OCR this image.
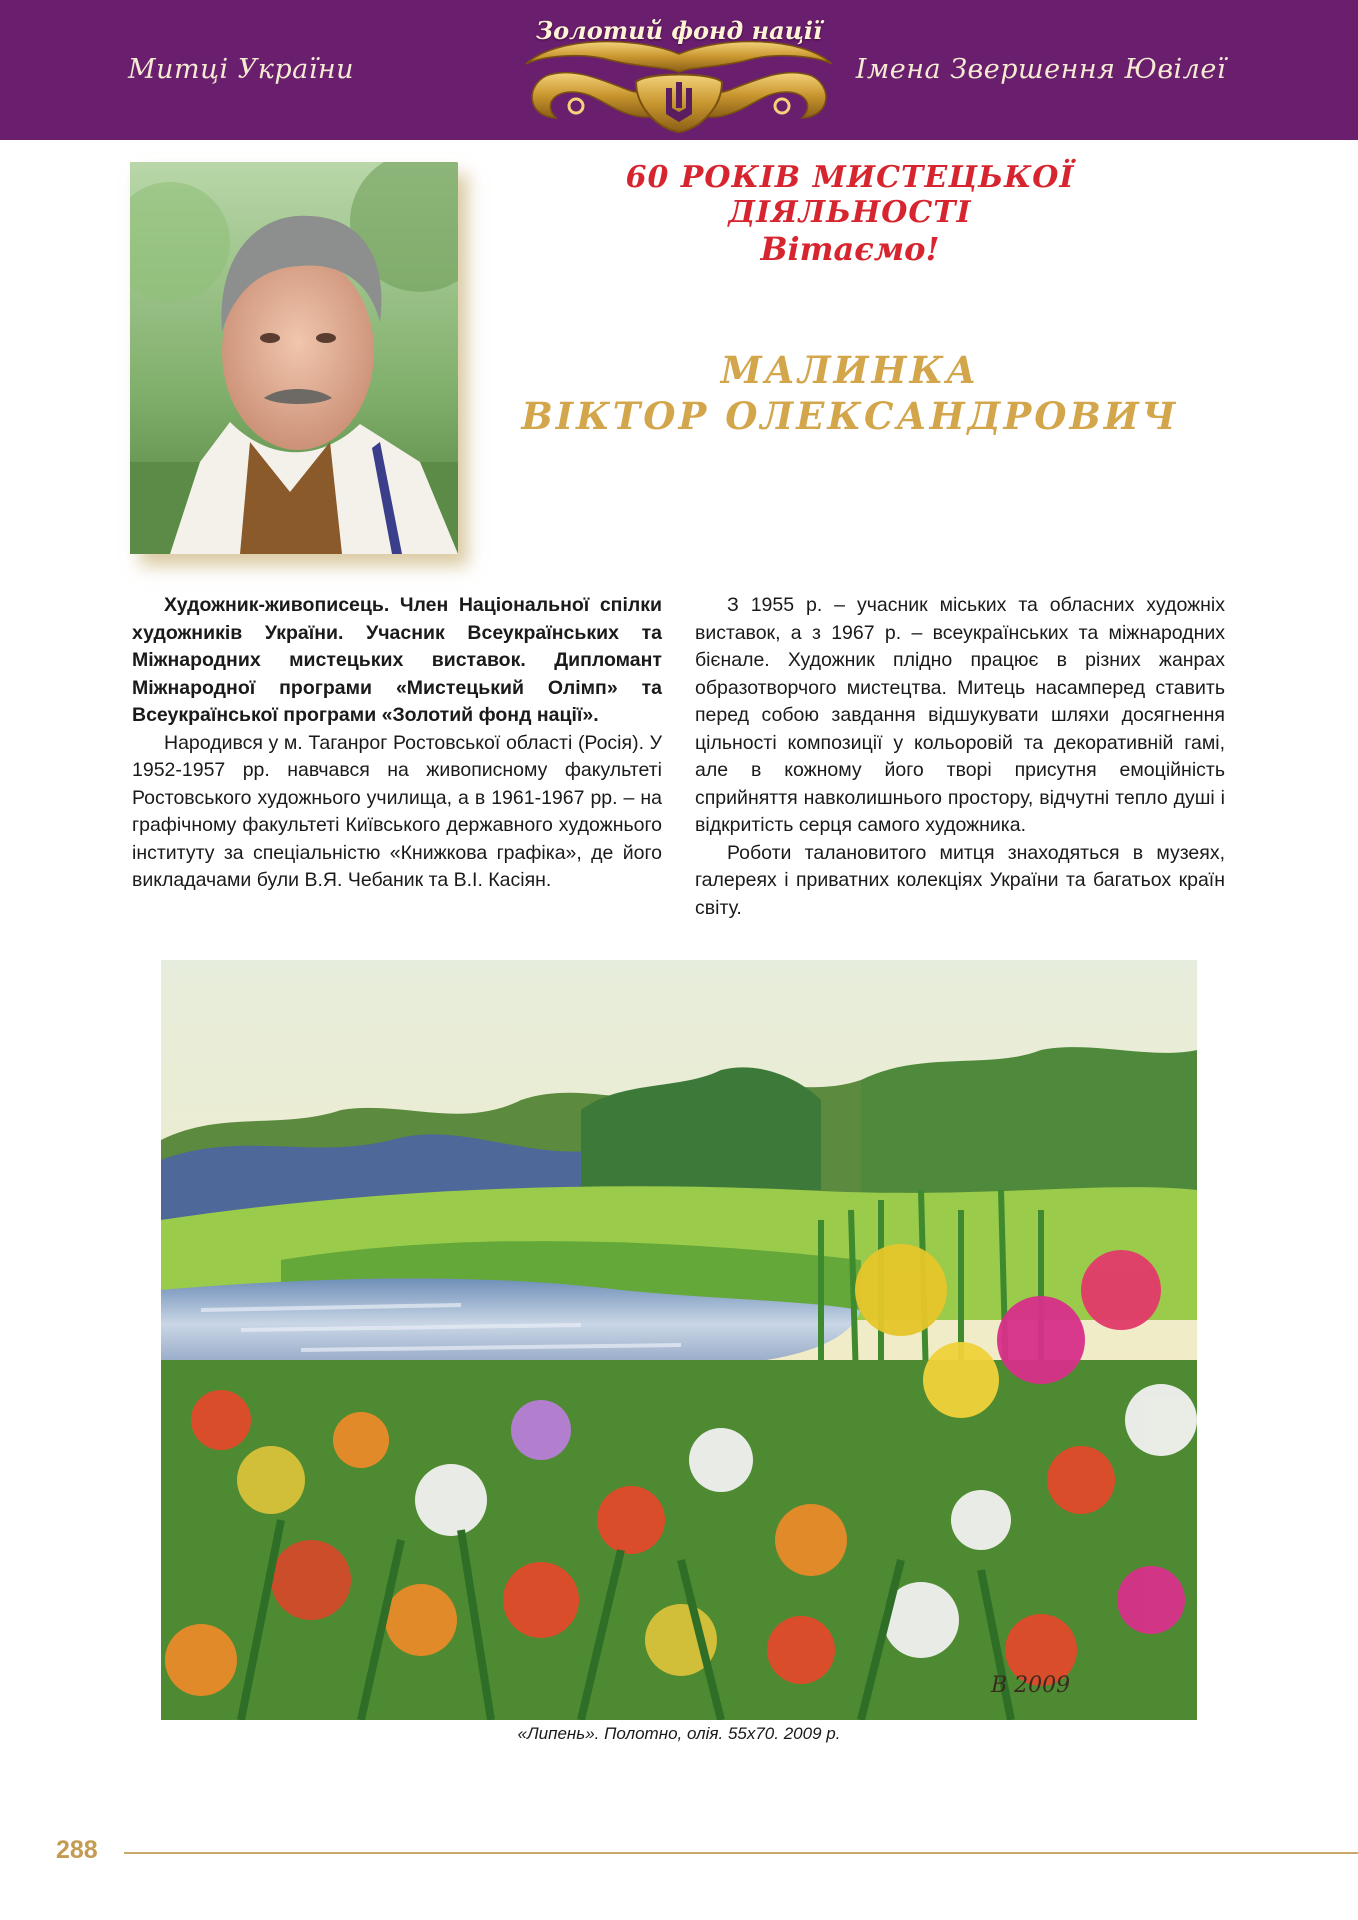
Митці України
Золотий фонд нації
Імена Звершення Ювілеї
60 РОКІВ МИСТЕЦЬКОЇ ДІЯЛЬНОСТІ
Вітаємо!
МАЛИНКА
ВІКТОР ОЛЕКСАНДРОВИЧ

Художник-живописець. Член Національної спілки художників України. Учасник Всеукраїнських та Міжнародних мистецьких виставок. Дипломант Міжнародної програми «Мистецький Олімп» та Всеукраїнської програми «Золотий фонд нації».

Народився у м. Таганрог Ростовської області (Росія). У 1952-1957 рр. навчався на живописному факультеті Ростовського художнього училища, а в 1961-1967 рр. – на графічному факультеті Київського державного художнього інституту за спеціальністю «Книжкова графіка», де його викладачами були В.Я. Чебаник та В.І. Касіян.

З 1955 р. – учасник міських та обласних художніх виставок, а з 1967 р. – всеукраїнських та міжнародних бієнале. Художник плідно працює в різних жанрах образотворчого мистецтва. Митець насамперед ставить перед собою завдання відшукувати шляхи досягнення цільності композиції у кольоровій та декоративній гамі, але в кожному його творі присутня емоційність сприйняття навколишнього простору, відчутні тепло душі і відкритість серця самого художника.

Роботи талановитого митця знаходяться в музеях, галереях і приватних колекціях України та багатьох країн світу.

В 2009
«Липень». Полотно, олія. 55x70. 2009 р.
288
